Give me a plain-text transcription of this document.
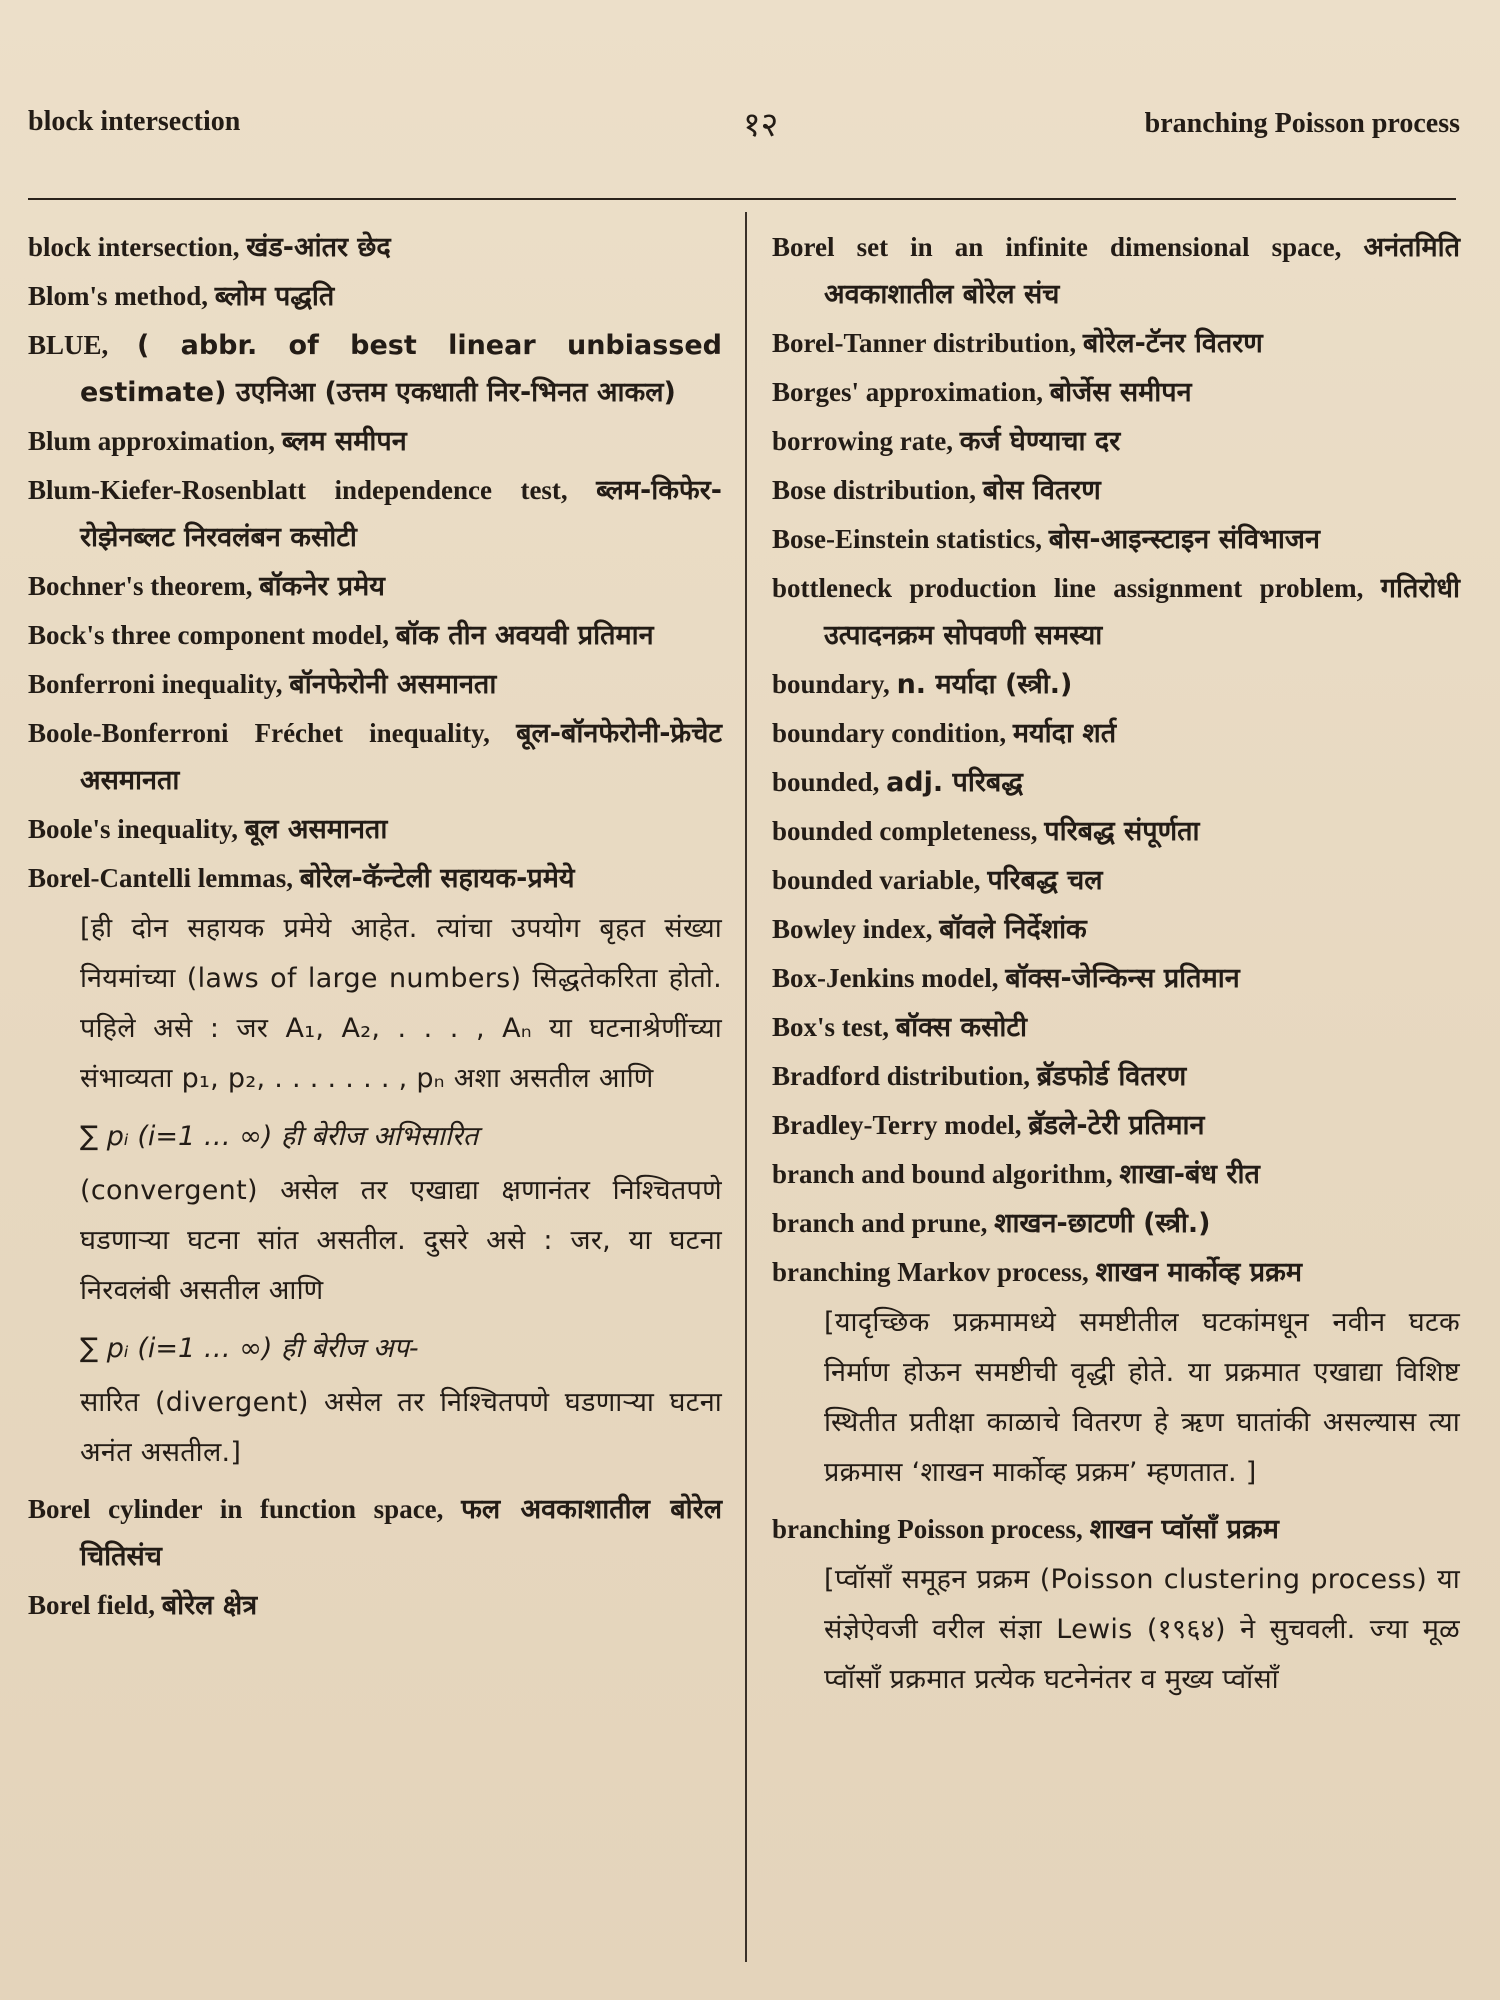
block intersection	१२	branching Poisson process

block intersection, खंड-आंतर छेद

Blom's method, ब्लोम पद्धति

BLUE, ( abbr. of best linear unbiassed estimate) उएनिआ (उत्तम एकधाती निर-भिनत आकल)

Blum approximation, ब्लम समीपन

Blum-Kiefer-Rosenblatt independence test, ब्लम-किफेर-रोझेनब्लट निरवलंबन कसोटी

Bochner's theorem, बॉकनेर प्रमेय

Bock's three component model, बॉक तीन अवयवी प्रतिमान

Bonferroni inequality, बॉनफेरोनी असमानता

Boole-Bonferroni Fréchet inequality, बूल-बॉनफेरोनी-फ्रेचेट असमानता

Boole's inequality, बूल असमानता

Borel-Cantelli lemmas, बोरेल-कॅन्टेली सहायक-प्रमेये

[ही दोन सहायक प्रमेये आहेत. त्यांचा उपयोग बृहत संख्या नियमांच्या (laws of large numbers) सिद्धतेकरिता होतो. पहिले असे : जर A₁, A₂, . . . , Aₙ या घटनाश्रेणींच्या संभाव्यता p₁, p₂, . . . . . . . , pₙ अशा असतील आणि

∑ pᵢ (i=1 … ∞) ही बेरीज अभिसारित

(convergent) असेल तर एखाद्या क्षणानंतर निश्चितपणे घडणाऱ्या घटना सांत असतील. दुसरे असे : जर, या घटना निरवलंबी असतील आणि

∑ pᵢ (i=1 … ∞) ही बेरीज अप-

सारित (divergent) असेल तर निश्चितपणे घडणाऱ्या घटना अनंत असतील.]

Borel cylinder in function space, फल अवकाशातील बोरेल चितिसंच

Borel field, बोरेल क्षेत्र

Borel set in an infinite dimensional space, अनंतमिति अवकाशातील बोरेल संच

Borel-Tanner distribution, बोरेल-टॅनर वितरण

Borges' approximation, बोर्जेस समीपन

borrowing rate, कर्ज घेण्याचा दर

Bose distribution, बोस वितरण

Bose-Einstein statistics, बोस-आइन्स्टाइन संविभाजन

bottleneck production line assignment problem, गतिरोधी उत्पादनक्रम सोपवणी समस्या

boundary, n. मर्यादा (स्त्री.)

boundary condition, मर्यादा शर्त

bounded, adj. परिबद्ध

bounded completeness, परिबद्ध संपूर्णता

bounded variable, परिबद्ध चल

Bowley index, बॉवले निर्देशांक

Box-Jenkins model, बॉक्स-जेन्किन्स प्रतिमान

Box's test, बॉक्स कसोटी

Bradford distribution, ब्रॅडफोर्ड वितरण

Bradley-Terry model, ब्रॅडले-टेरी प्रतिमान

branch and bound algorithm, शाखा-बंध रीत

branch and prune, शाखन-छाटणी (स्त्री.)

branching Markov process, शाखन मार्कोव्ह प्रक्रम

[यादृच्छिक प्रक्रमामध्ये समष्टीतील घटकांमधून नवीन घटक निर्माण होऊन समष्टीची वृद्धी होते. या प्रक्रमात एखाद्या विशिष्ट स्थितीत प्रतीक्षा काळाचे वितरण हे ऋण घातांकी असल्यास त्या प्रक्रमास ‘शाखन मार्कोव्ह प्रक्रम’ म्हणतात. ]

branching Poisson process, शाखन प्वॉसॉं प्रक्रम

[प्वॉसॉं समूहन प्रक्रम (Poisson clustering process) या संज्ञेऐवजी वरील संज्ञा Lewis (१९६४) ने सुचवली. ज्या मूळ प्वॉसॉं प्रक्रमात प्रत्येक घटनेनंतर व मुख्य प्वॉसॉं
